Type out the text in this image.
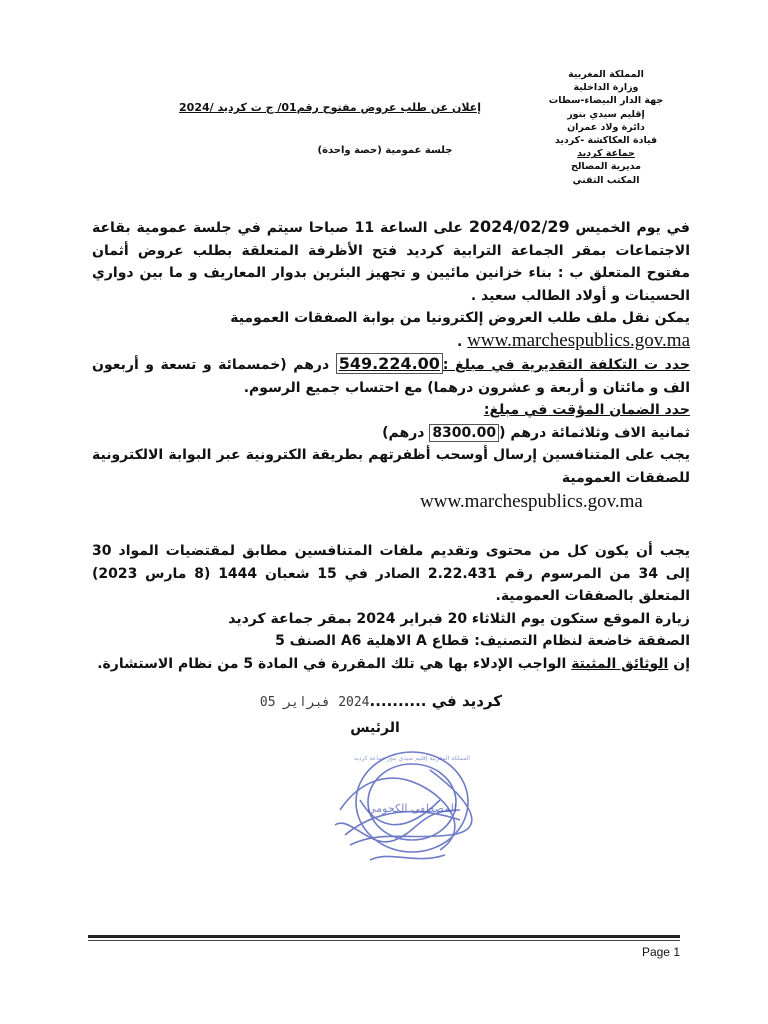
المملكة المغربية
وزارة الداخلية
جهة الدار البيضاء-سطات
إقليم سيدي بنور
دائرة ولاد عمران
قيادة العكاكشة -كرديد
جماعة كرديد
مديرية المصالح
المكتب التقني
إعلان عن طلب عروض مفتوح رقم01/ ج ت كرديد /2024
جلسة عمومية (حصة واحدة)

في يوم الخميس 2024/02/29 على الساعة 11 صباحا سيتم في جلسة عمومية بقاعة الاجتماعات بمقر الجماعة الترابية كرديد فتح الأظرفة المتعلقة بطلب عروض أثمان مفتوح المتعلق ب : بناء خزانين مائيين و تجهيز البئرين بدوار المعاريف و ما بين دواري الحسينات و أولاد الطالب سعيد .

يمكن نقل ملف طلب العروض إلكترونيا من بوابة الصفقات العمومية
www.marchespublics.gov.ma .

حدد ت التكلفة التقديرية في مبلغ :549.224.00 درهم (خمسمائة و تسعة و أربعون الف و مائتان و أربعة و عشرون درهما) مع احتساب جميع الرسوم.

حدد الضمان المؤقت في مبلغ:
ثمانية الاف وثلاثمائة درهم (8300.00 درهم)

يجب على المتنافسين إرسال أوسحب أظفرتهم بطريقة الكترونية عبر البوابة الالكترونية للصفقات العمومية

www.marchespublics.gov.ma

يجب أن يكون كل من محتوى وتقديم ملفات المتنافسين مطابق لمقتضيات المواد 30 إلى 34 من المرسوم رقم 2.22.431 الصادر في 15 شعبان 1444 (8 مارس 2023) المتعلق بالصفقات العمومية.

زيارة الموقع ستكون يوم الثلاثاء 20 فبراير 2024 بمقر جماعة كرديد

الصفقة خاضعة لنظام التصنيف: قطاع A الاهلية A6 الصنف 5

إن الوثائق المثبتة الواجب الإدلاء بها هي تلك المقررة في المادة 5 من نظام الاستشارة.

كرديد في ..........2024 فبراير 05
الرئيس
المصطفى الكحومي
المملكة المغربية إقليم سيدي بنور جماعة كرديد
Page 1
